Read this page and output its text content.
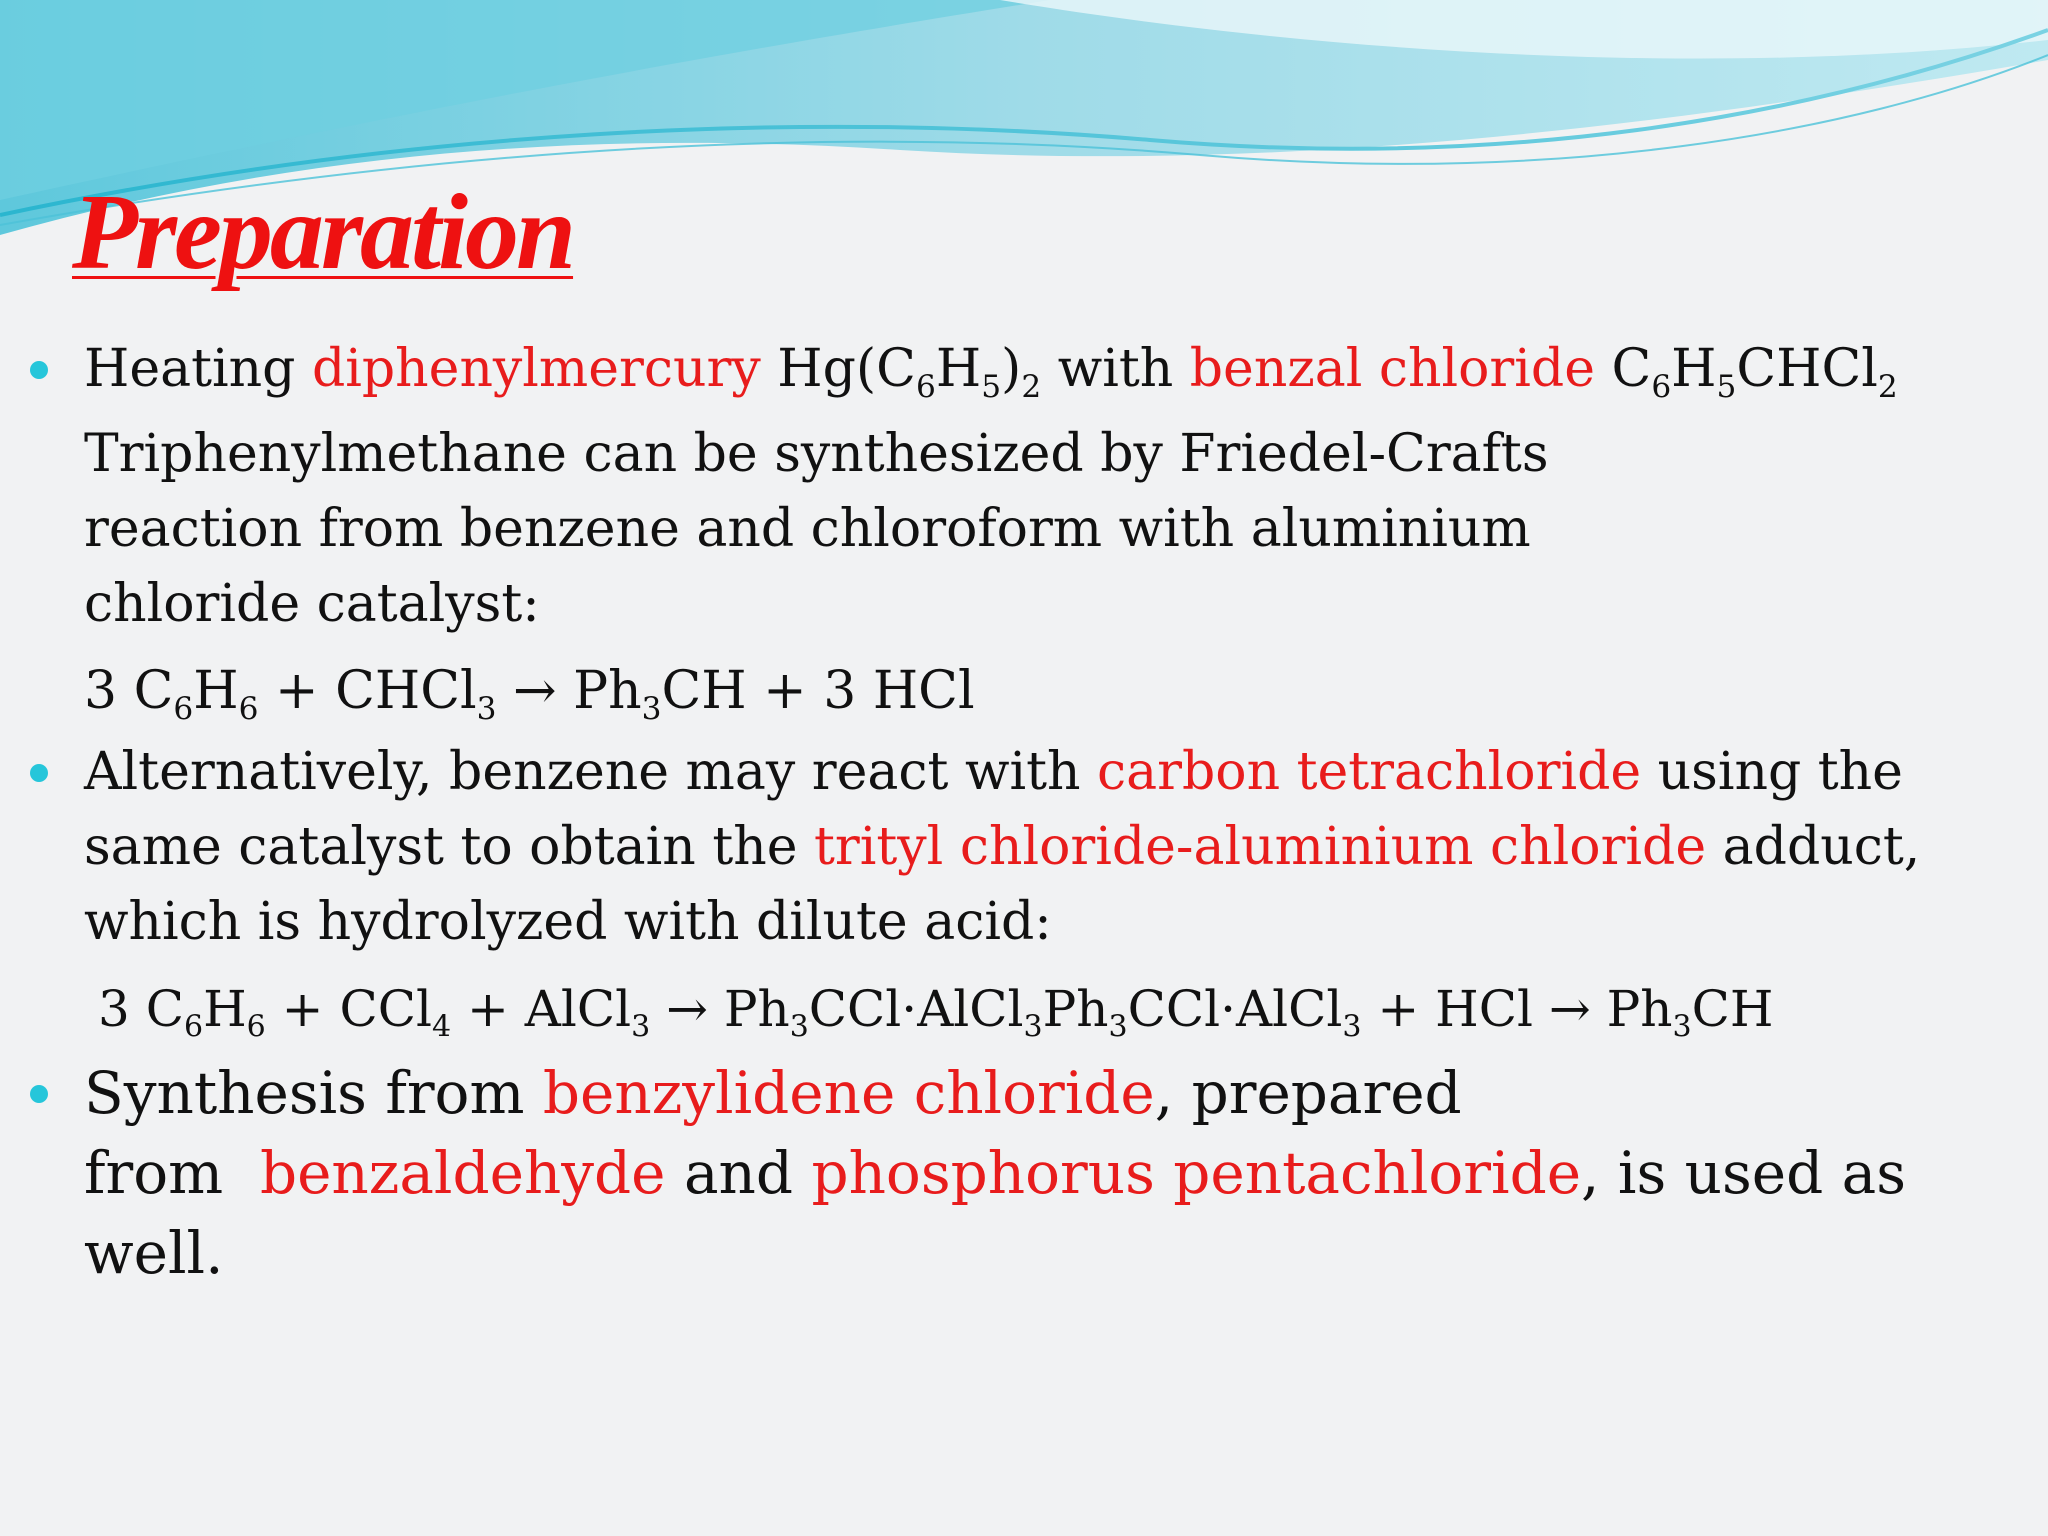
Preparation
Heating diphenylmercury $Hg(C_6H_5)_2$ with benzal chloride $C_6H_5CHCl_2$
Triphenylmethane can be synthesized by Friedel-Crafts
reaction from benzene and chloroform with aluminium
chloride catalyst:
3 $C_6H_6$ + CHCl$_3$ → $Ph_3CH + 3$ HCl
Alternatively, benzene may react with carbon tetrachloride using the
same catalyst to obtain the trityl chloride-aluminium chloride adduct,
which is hydrolyzed with dilute acid:
3 $C_6H_6 + CCl_4$ + AlCl$_3$ → $Ph_3CCl\cdot AlCl_3Ph_3CCl\cdot AlCl_3$ + HCl → $Ph_3CH$
Synthesis from benzylidene chloride, prepared
from  benzaldehyde and phosphorus pentachloride, is used as
well.
